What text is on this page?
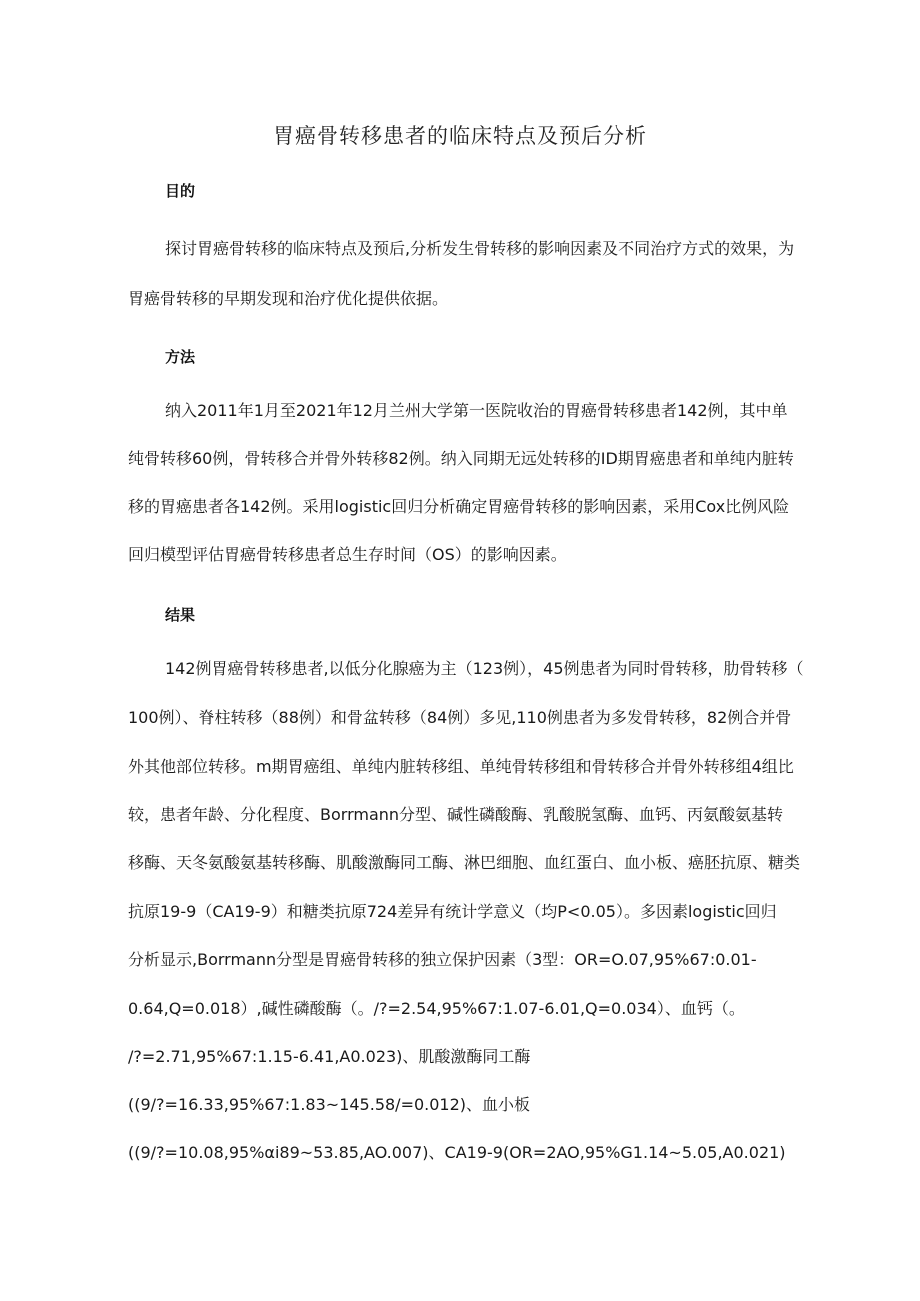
胃癌骨转移患者的临床特点及预后分析
目的
探讨胃癌骨转移的临床特点及预后,分析发生骨转移的影响因素及不同治疗方式的效果，为
胃癌骨转移的早期发现和治疗优化提供依据。
方法
纳入2011年1月至2021年12月兰州大学第一医院收治的胃癌骨转移患者142例，其中单
纯骨转移60例，骨转移合并骨外转移82例。纳入同期无远处转移的ID期胃癌患者和单纯内脏转
移的胃癌患者各142例。采用logistic回归分析确定胃癌骨转移的影响因素，采用Cox比例风险
回归模型评估胃癌骨转移患者总生存时间（OS）的影响因素。
结果
142例胃癌骨转移患者,以低分化腺癌为主（123例），45例患者为同时骨转移，肋骨转移（
100例）、脊柱转移（88例）和骨盆转移（84例）多见,110例患者为多发骨转移，82例合并骨
外其他部位转移。m期胃癌组、单纯内脏转移组、单纯骨转移组和骨转移合并骨外转移组4组比
较，患者年龄、分化程度、Borrmann分型、碱性磷酸酶、乳酸脱氢酶、血钙、丙氨酸氨基转
移酶、天冬氨酸氨基转移酶、肌酸激酶同工酶、淋巴细胞、血红蛋白、血小板、癌胚抗原、糖类
抗原19-9（CA19-9）和糖类抗原724差异有统计学意义（均P<0.05）。多因素logistic回归
分析显示,Borrmann分型是胃癌骨转移的独立保护因素（3型：OR=O.07,95%67:0.01-
0.64,Q=0.018）,碱性磷酸酶（。/?=2.54,95%67:1.07-6.01,Q=0.034）、血钙（。
/?=2.71,95%67:1.15-6.41,A0.023)、肌酸激酶同工酶
((9/?=16.33,95%67:1.83~145.58/=0.012)、血小板
((9/?=10.08,95%αi89~53.85,AO.007)、CA19-9(OR=2AO,95%G1.14~5.05,A0.021)
